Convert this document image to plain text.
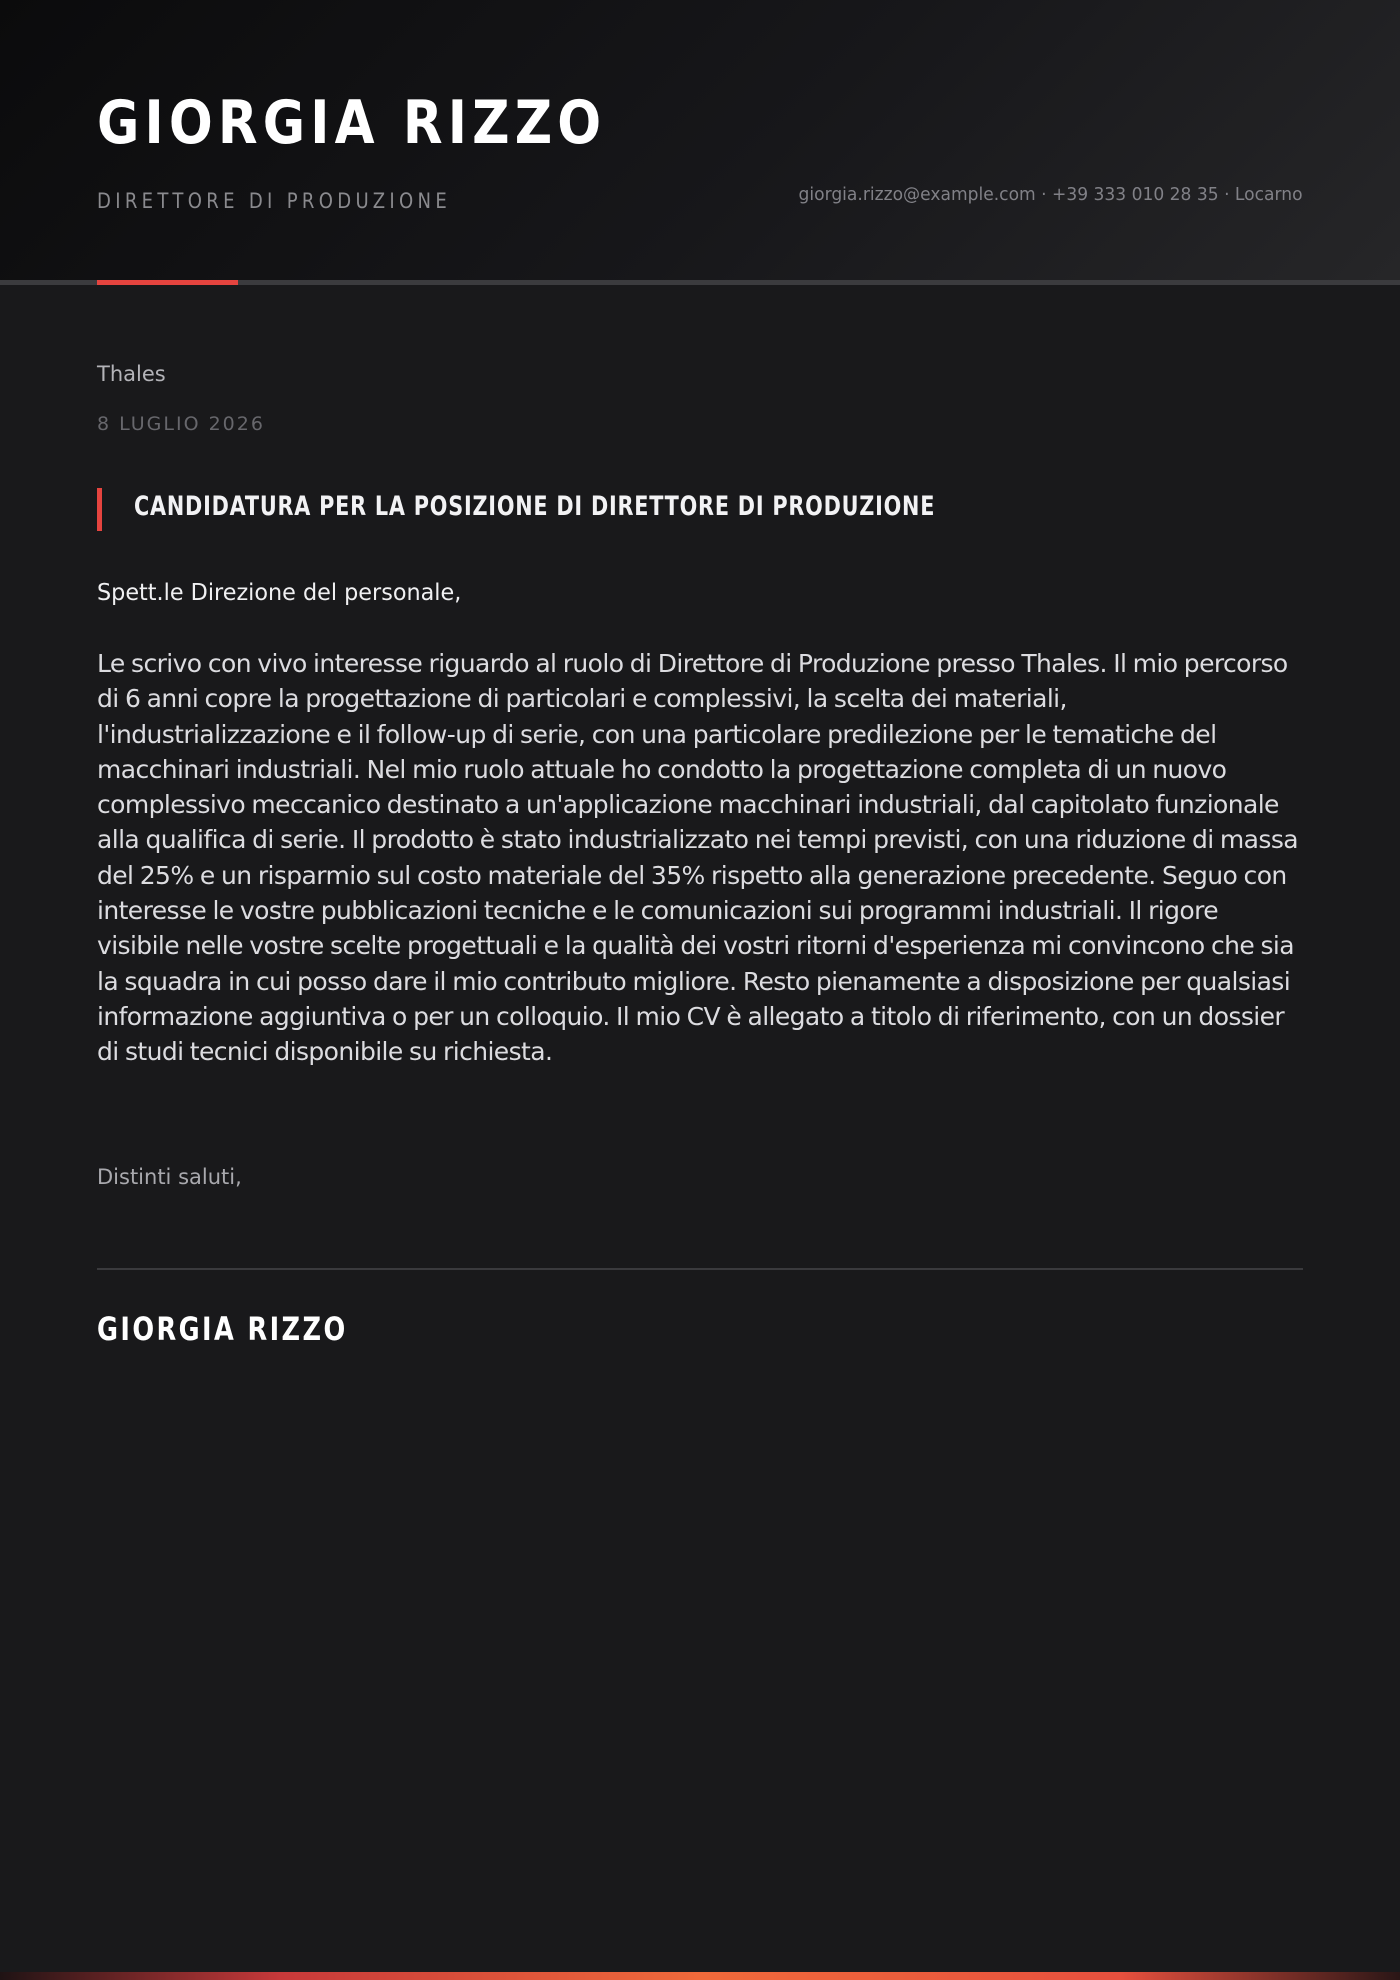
GIORGIA RIZZO
DIRETTORE DI PRODUZIONE	giorgia.rizzo@example.com · +39 333 010 28 35 · Locarno
Thales
8 LUGLIO 2026
CANDIDATURA PER LA POSIZIONE DI DIRETTORE DI PRODUZIONE
Spett.le Direzione del personale,

Le scrivo con vivo interesse riguardo al ruolo di Direttore di Produzione presso Thales. Il mio percorso di 6 anni copre la progettazione di particolari e complessivi, la scelta dei materiali, l'industrializzazione e il follow-up di serie, con una particolare predilezione per le tematiche del macchinari industriali. Nel mio ruolo attuale ho condotto la progettazione completa di un nuovo complessivo meccanico destinato a un'applicazione macchinari industriali, dal capitolato funzionale alla qualifica di serie. Il prodotto è stato industrializzato nei tempi previsti, con una riduzione di massa del 25% e un risparmio sul costo materiale del 35% rispetto alla generazione precedente. Seguo con interesse le vostre pubblicazioni tecniche e le comunicazioni sui programmi industriali. Il rigore visibile nelle vostre scelte progettuali e la qualità dei vostri ritorni d'esperienza mi convincono che sia la squadra in cui posso dare il mio contributo migliore. Resto pienamente a disposizione per qualsiasi informazione aggiuntiva o per un colloquio. Il mio CV è allegato a titolo di riferimento, con un dossier di studi tecnici disponibile su richiesta.

Distinti saluti,
GIORGIA RIZZO
